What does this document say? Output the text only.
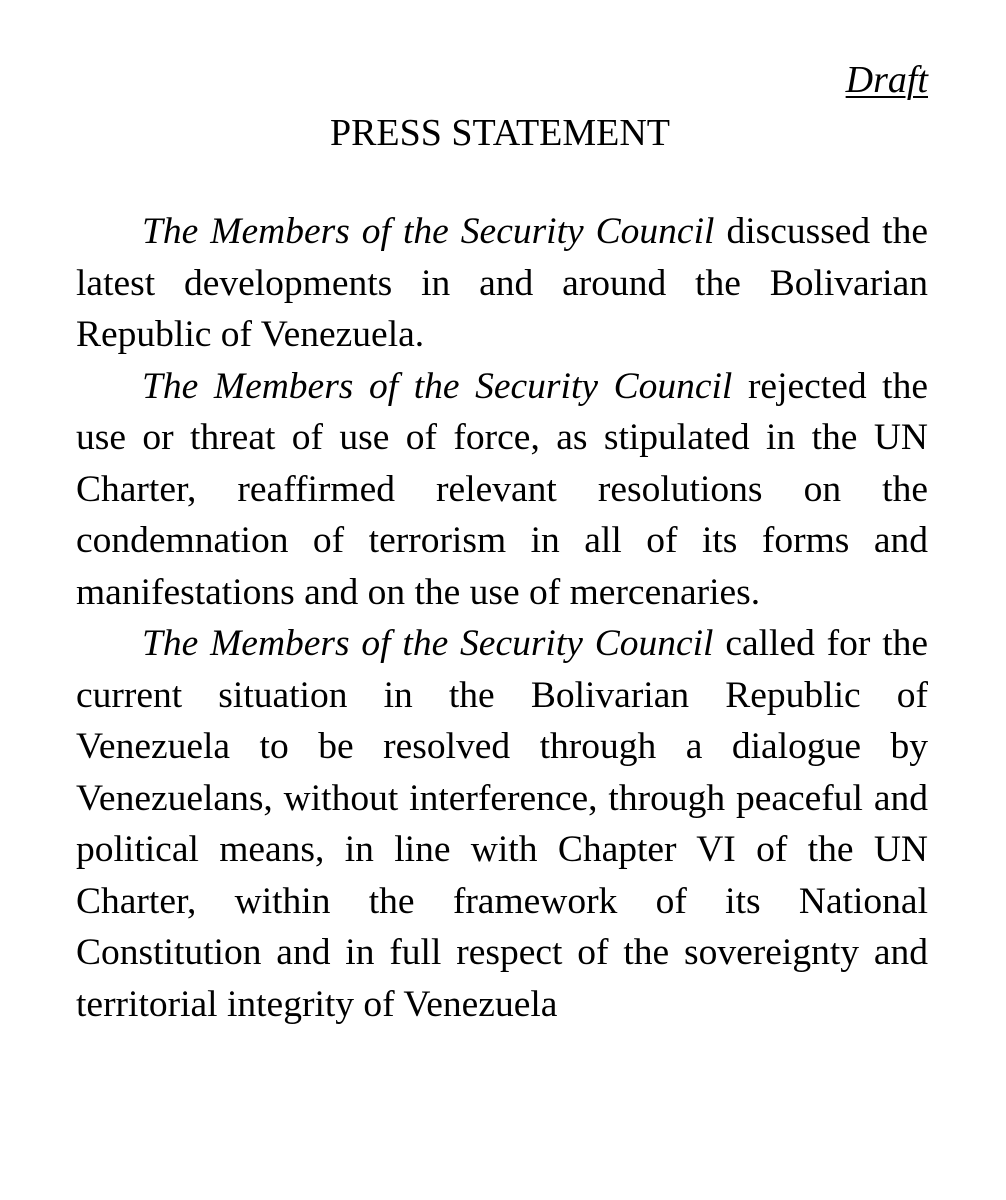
Draft
PRESS STATEMENT

The Members of the Security Council discussed the latest developments in and around the Bolivarian Republic of Venezuela.

The Members of the Security Council rejected the use or threat of use of force, as stipulated in the UN Charter, reaffirmed relevant resolutions on the condemnation of terrorism in all of its forms and manifestations and on the use of mercenaries.

The Members of the Security Council called for the current situation in the Bolivarian Republic of Venezuela to be resolved through a dialogue by Venezuelans, without interference, through peaceful and political means, in line with Chapter VI of the UN Charter, within the framework of its National Constitution and in full respect of the sovereignty and territorial integrity of Venezuela
